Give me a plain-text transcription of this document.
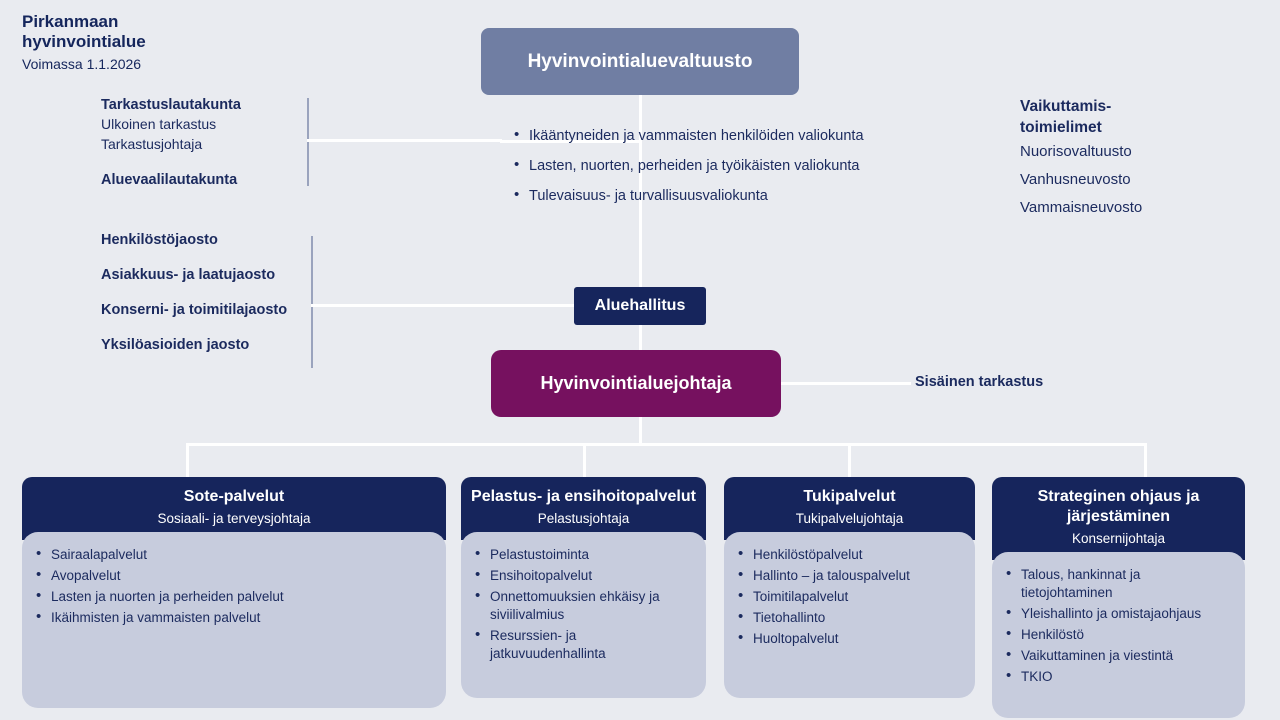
Pirkanmaan
hyvinvointialue
Voimassa 1.1.2026	Hyvinvointialuevaltuusto
Aluehallitus
Hyvinvointialuejohtaja	Sisäinen tarkastus
• Ikääntyneiden ja vammaisten henkilöiden valiokunta
• Lasten, nuorten, perheiden ja työikäisten valiokunta
• Tulevaisuus- ja turvallisuusvaliokunta
Tarkastuslautakunta
Ulkoinen tarkastus
Tarkastusjohtaja
Aluevaalilautakunta
Henkilöstöjaosto
Asiakkuus- ja laatujaosto
Konserni- ja toimitilajaosto
Yksilöasioiden jaosto
Vaikuttamis-
toimielimet
Nuorisovaltuusto
Vanhusneuvosto
Vammaisneuvosto
Sote-palvelut
Sosiaali- ja terveysjohtaja
• Sairaalapalvelut
• Avopalvelut
• Lasten ja nuorten ja perheiden palvelut
• Ikäihmisten ja vammaisten palvelut
Pelastus- ja ensihoitopalvelut
Pelastusjohtaja
• Pelastustoiminta
• Ensihoitopalvelut
• Onnettomuuksien ehkäisy ja siviilivalmius
• Resurssien- ja jatkuvuudenhallinta
Tukipalvelut
Tukipalvelujohtaja
• Henkilöstöpalvelut
• Hallinto – ja talouspalvelut
• Toimitilapalvelut
• Tietohallinto
• Huoltopalvelut
Strateginen ohjaus ja järjestäminen
Konsernijohtaja
• Talous, hankinnat ja tietojohtaminen
• Yleishallinto ja omistajaohjaus
• Henkilöstö
• Vaikuttaminen ja viestintä
• TKIO
